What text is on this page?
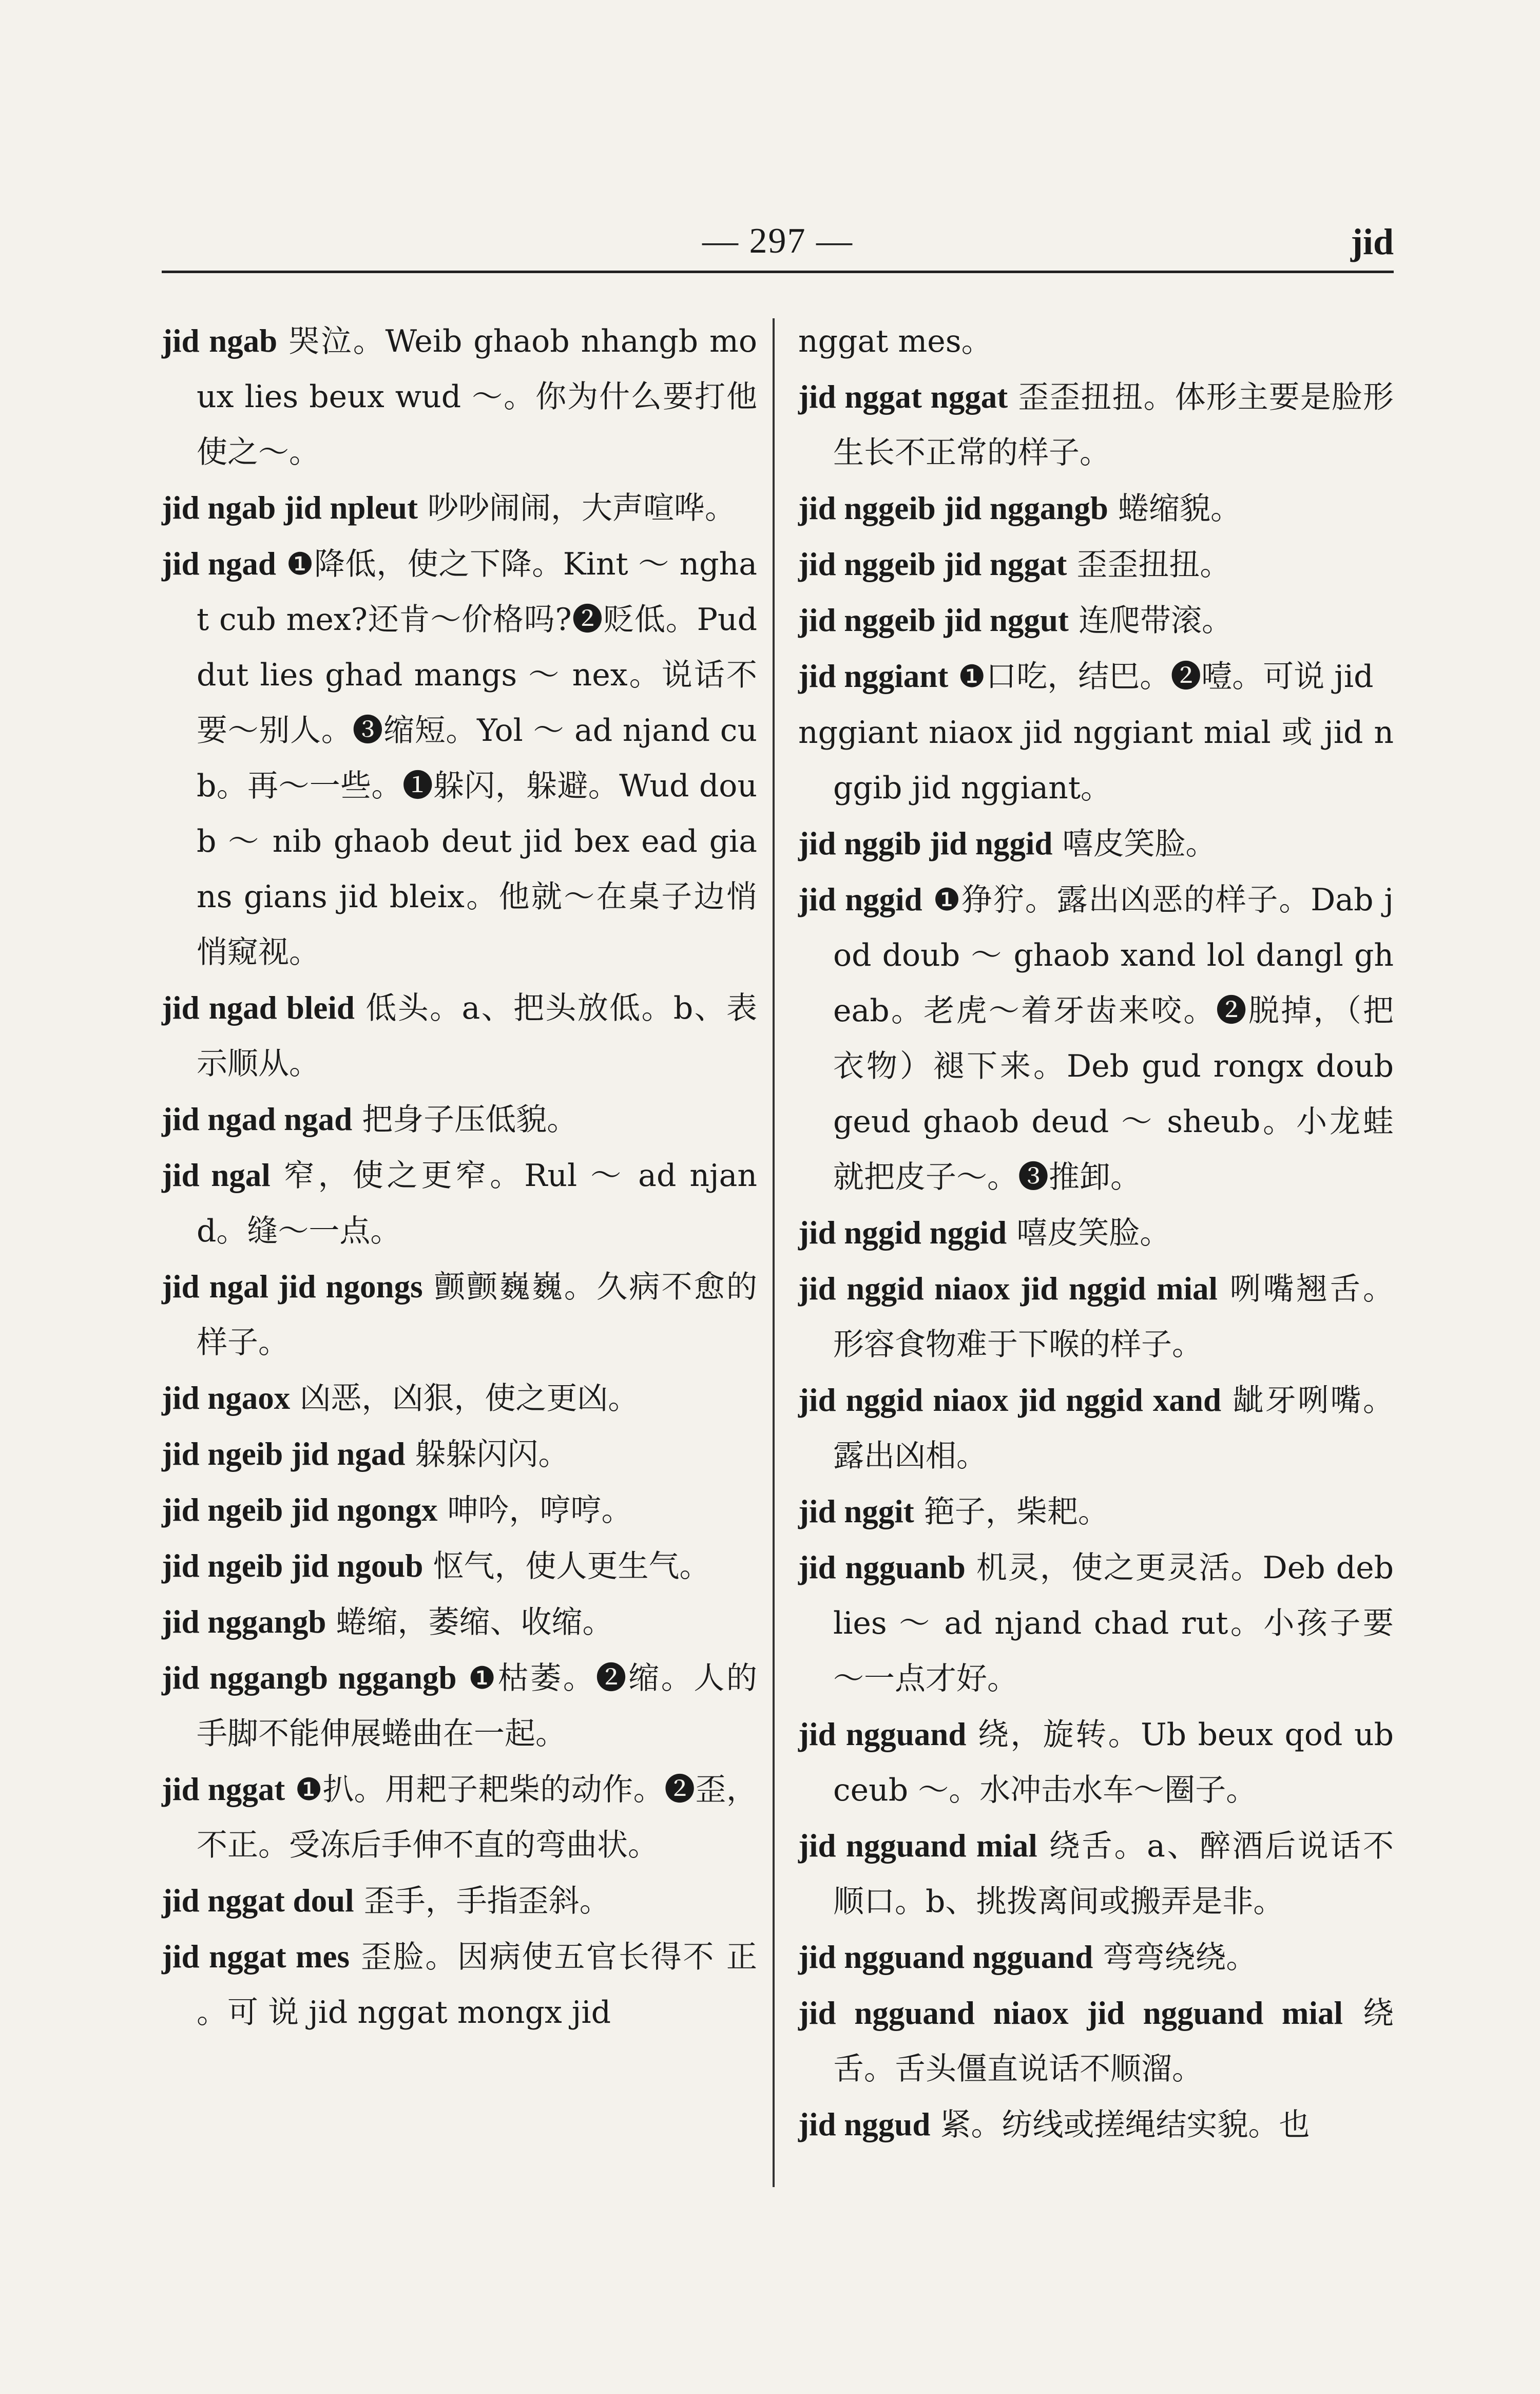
— 297 —	jid

jid ngab 哭泣。Weib ghaob nhangb moux lies beux wud ～。你为什么要打他使之～。

jid ngab jid npleut 吵吵闹闹，大声喧哗。

jid ngad ❶降低，使之下降。Kint ～ nghat cub mex?还肯～价格吗?❷贬低。Pud dut lies ghad mangs ～ nex。说话不要～别人。❸缩短。Yol ～ ad njand cub。再～一些。❶躲闪，躲避。Wud doub ～ nib ghaob deut jid bex ead gians gians jid bleix。他就～在桌子边悄悄窥视。

jid ngad bleid 低头。a、把头放低。b、表示顺从。

jid ngad ngad 把身子压低貌。

jid ngal 窄，使之更窄。Rul ～ ad njand。缝～一点。

jid ngal jid ngongs 颤颤巍巍。久病不愈的样子。

jid ngaox 凶恶，凶狠，使之更凶。

jid ngeib jid ngad 躲躲闪闪。

jid ngeib jid ngongx 呻吟，哼哼。

jid ngeib jid ngoub 怄气，使人更生气。

jid nggangb 蜷缩，萎缩、收缩。

jid nggangb nggangb ❶枯萎。❷缩。人的手脚不能伸展蜷曲在一起。

jid nggat ❶扒。用耙子耙柴的动作。❷歪，不正。受冻后手伸不直的弯曲状。

jid nggat doul 歪手，手指歪斜。

jid nggat mes 歪脸。因病使五官长得不 正 。可 说 jid nggat mongx jid

nggat mes。

jid nggat nggat 歪歪扭扭。体形主要是脸形生长不正常的样子。

jid nggeib jid nggangb 蜷缩貌。

jid nggeib jid nggat 歪歪扭扭。

jid nggeib jid nggut 连爬带滚。

jid nggiant ❶口吃，结巴。❷噎。可说 jid

nggiant niaox jid nggiant mial 或 jid nggib jid nggiant。

jid nggib jid nggid 嘻皮笑脸。

jid nggid ❶狰狞。露出凶恶的样子。Dab jod doub ～ ghaob xand lol dangl gheab。老虎～着牙齿来咬。❷脱掉，（把衣物）褪下来。Deb gud rongx doub geud ghaob deud ～ sheub。小龙蛙就把皮子～。❸推卸。

jid nggid nggid 嘻皮笑脸。

jid nggid niaox jid nggid mial 咧嘴翘舌。形容食物难于下喉的样子。

jid nggid niaox jid nggid xand 龇牙咧嘴。露出凶相。

jid nggit 筢子，柴耙。

jid ngguanb 机灵，使之更灵活。Deb deb lies ～ ad njand chad rut。小孩子要～一点才好。

jid ngguand 绕，旋转。Ub beux qod ub ceub ～。水冲击水车～圈子。

jid ngguand mial 绕舌。a、醉酒后说话不顺口。b、挑拨离间或搬弄是非。

jid ngguand ngguand 弯弯绕绕。

jid ngguand niaox jid ngguand mial 绕舌。舌头僵直说话不顺溜。

jid nggud 紧。纺线或搓绳结实貌。也
